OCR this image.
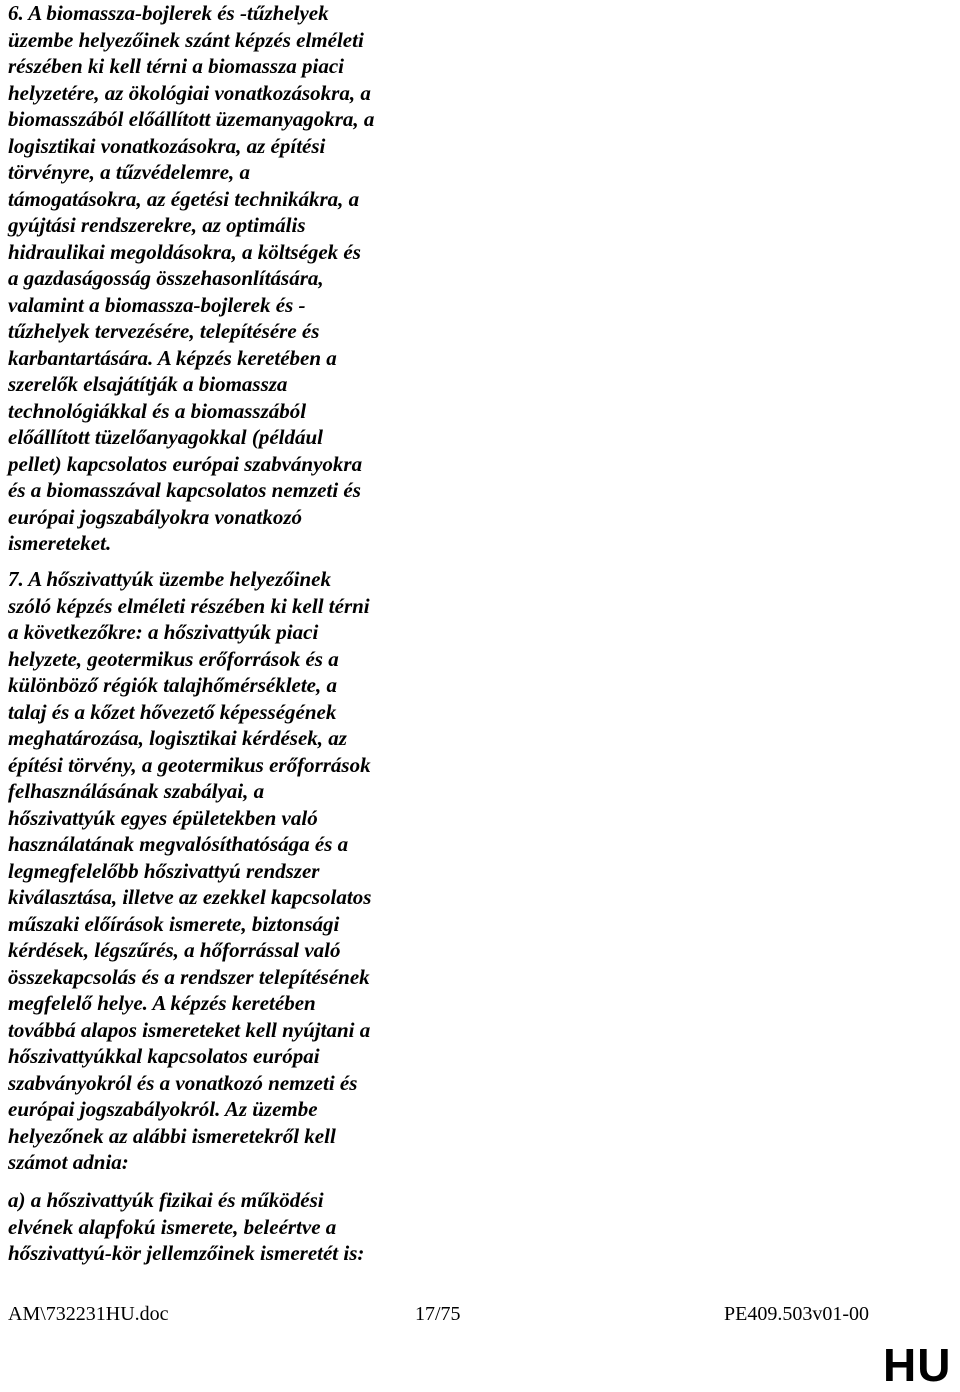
6. A biomassza-bojlerek és -tűzhelyek

üzembe helyezőinek szánt képzés elméleti

részében ki kell térni a biomassza piaci

helyzetére, az ökológiai vonatkozásokra, a

biomasszából előállított üzemanyagokra, a

logisztikai vonatkozásokra, az építési

törvényre, a tűzvédelemre, a

támogatásokra, az égetési technikákra, a

gyújtási rendszerekre, az optimális

hidraulikai megoldásokra, a költségek és

a gazdaságosság összehasonlítására,

valamint a biomassza-bojlerek és -

tűzhelyek tervezésére, telepítésére és

karbantartására. A képzés keretében a

szerelők elsajátítják a biomassza

technológiákkal és a biomasszából

előállított tüzelőanyagokkal (például

pellet) kapcsolatos európai szabványokra

és a biomasszával kapcsolatos nemzeti és

európai jogszabályokra vonatkozó

ismereteket.

7. A hőszivattyúk üzembe helyezőinek

szóló képzés elméleti részében ki kell térni

a következőkre: a hőszivattyúk piaci

helyzete, geotermikus erőforrások és a

különböző régiók talajhőmérséklete, a

talaj és a kőzet hővezető képességének

meghatározása, logisztikai kérdések, az

építési törvény, a geotermikus erőforrások

felhasználásának szabályai, a

hőszivattyúk egyes épületekben való

használatának megvalósíthatósága és a

legmegfelelőbb hőszivattyú rendszer

kiválasztása, illetve az ezekkel kapcsolatos

műszaki előírások ismerete, biztonsági

kérdések, légszűrés, a hőforrással való

összekapcsolás és a rendszer telepítésének

megfelelő helye. A képzés keretében

továbbá alapos ismereteket kell nyújtani a

hőszivattyúkkal kapcsolatos európai

szabványokról és a vonatkozó nemzeti és

európai jogszabályokról. Az üzembe

helyezőnek az alábbi ismeretekről kell

számot adnia:

a) a hőszivattyúk fizikai és működési

elvének alapfokú ismerete, beleértve a

hőszivattyú-kör jellemzőinek ismeretét is:

AM\732231HU.doc	17/75	PE409.503v01-00
HU
